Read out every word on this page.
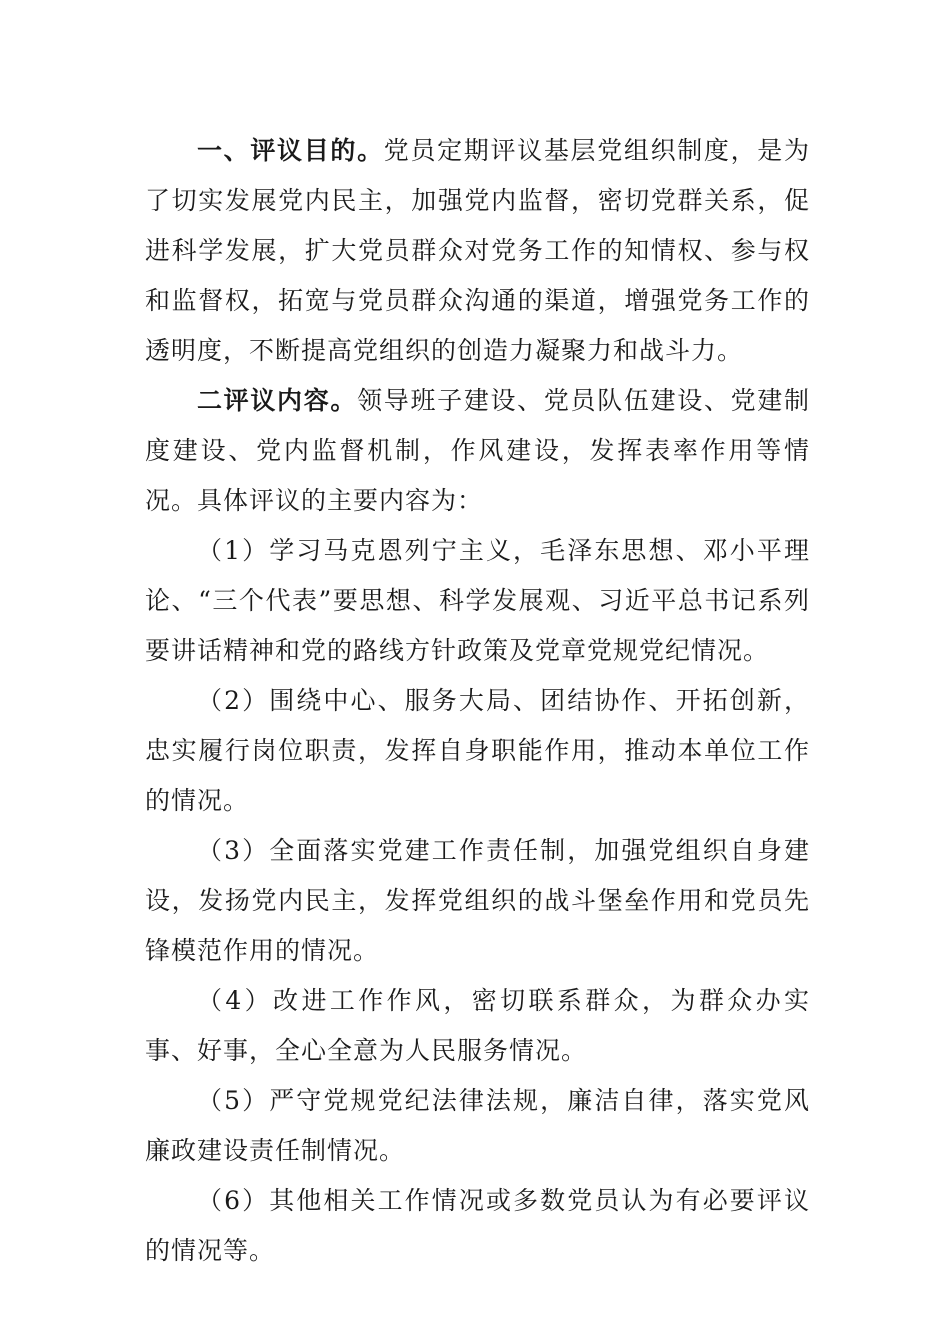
一、评议目的。党员定期评议基层党组织制度，是为了切实发展党内民主，加强党内监督，密切党群关系，促进科学发展，扩大党员群众对党务工作的知情权、参与权和监督权，拓宽与党员群众沟通的渠道，增强党务工作的透明度，不断提高党组织的创造力凝聚力和战斗力。

二评议内容。领导班子建设、党员队伍建设、党建制度建设、党内监督机制，作风建设，发挥表率作用等情况。具体评议的主要内容为：

（1）学习马克恩列宁主义，毛泽东思想、邓小平理论、“三个代表”要思想、科学发展观、习近平总书记系列要讲话精神和党的路线方针政策及党章党规党纪情况。

（2）围绕中心、服务大局、团结协作、开拓创新，忠实履行岗位职责，发挥自身职能作用，推动本单位工作的情况。

（3）全面落实党建工作责任制，加强党组织自身建设，发扬党内民主，发挥党组织的战斗堡垒作用和党员先锋模范作用的情况。

（4）改进工作作风，密切联系群众，为群众办实事、好事，全心全意为人民服务情况。

（5）严守党规党纪法律法规，廉洁自律，落实党风廉政建设责任制情况。

（6）其他相关工作情况或多数党员认为有必要评议的情况等。
